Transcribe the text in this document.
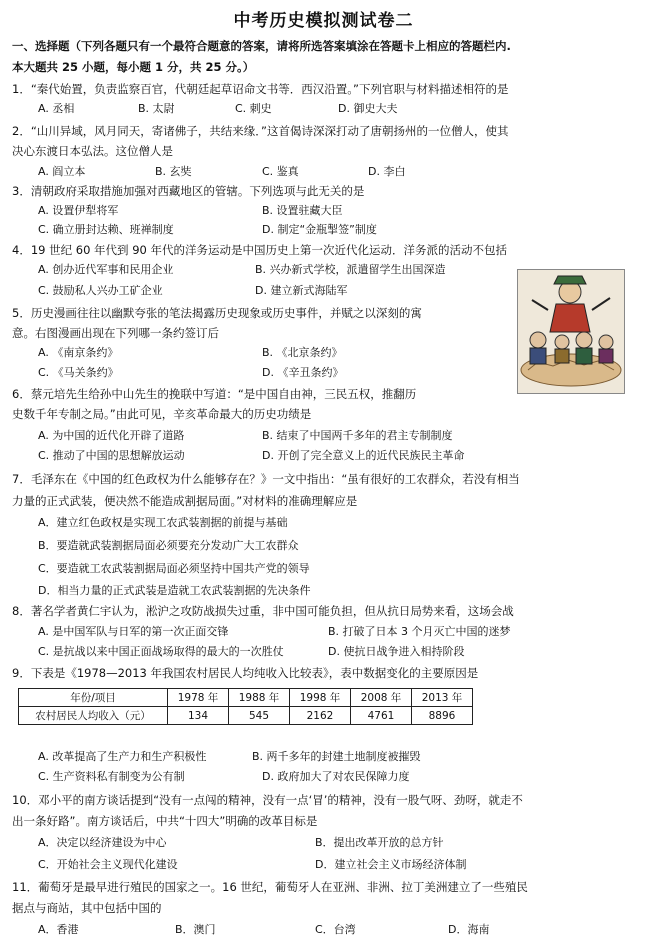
中考历史模拟测试卷二
一、选择题（下列各题只有一个最符合题意的答案，请将所选答案填涂在答题卡上相应的答题栏内.
本大题共 25 小题，每小题 1 分，共 25 分。）
1．“秦代始置，负责监察百官，代朝廷起草诏命文书等．西汉沿置。”下列官职与材料描述相符的是
A. 丞相	B. 太尉	C. 刺史	D. 御史大夫
2．“山川异域，风月同天，寄诸佛子，共结来缘．”这首偈诗深深打动了唐朝扬州的一位僧人，使其
决心东渡日本弘法。这位僧人是
A. 阎立本	B. 玄奘	C. 鉴真	D. 李白
3．清朝政府采取措施加强对西藏地区的管辖。下列选项与此无关的是
A. 设置伊犁将军	B. 设置驻藏大臣
C. 确立册封达赖、班禅制度	D. 制定“金瓶掣签”制度
4．19 世纪 60 年代到 90 年代的洋务运动是中国历史上第一次近代化运动．洋务派的活动不包括
A. 创办近代军事和民用企业	B. 兴办新式学校，派遣留学生出国深造
C. 鼓励私人兴办工矿企业	D. 建立新式海陆军
5．历史漫画往往以幽默夸张的笔法揭露历史现象或历史事件，并赋之以深刻的寓
意。右图漫画出现在下列哪一条约签订后
A. 《南京条约》	B. 《北京条约》
C. 《马关条约》	D. 《辛丑条约》
6．蔡元培先生给孙中山先生的挽联中写道：“是中国自由神，三民五权，推翻历
史数千年专制之局。”由此可见，辛亥革命最大的历史功绩是
A. 为中国的近代化开辟了道路	B. 结束了中国两千多年的君主专制制度
C. 推动了中国的思想解放运动	D. 开创了完全意义上的近代民族民主革命
7．毛泽东在《中国的红色政权为什么能够存在？》一文中指出：“虽有很好的工农群众，若没有相当
力量的正式武装，便决然不能造成割据局面。”对材料的准确理解应是
A．建立红色政权是实现工农武装割据的前提与基础
B．要造就武装割据局面必须要充分发动广大工农群众
C．要造就工农武装割据局面必须坚持中国共产党的领导
D．相当力量的正式武装是造就工农武装割据的先决条件
8．著名学者黄仁宇认为，淞沪之攻防战损失过重，非中国可能负担，但从抗日局势来看，这场会战
A. 是中国军队与日军的第一次正面交锋	B. 打破了日本 3 个月灭亡中国的迷梦
C. 是抗战以来中国正面战场取得的最大的一次胜仗	D. 使抗日战争进入相持阶段
9．下表是《1978—2013 年我国农村居民人均纯收入比较表》，表中数据变化的主要原因是
年份/项目	1978 年	1988 年	1998 年	2008 年	2013 年
农村居民人均收入（元）	134	545	2162	4761	8896
A. 改革提高了生产力和生产积极性	B. 两千多年的封建土地制度被摧毁
C. 生产资料私有制变为公有制	D. 政府加大了对农民保障力度
10．邓小平的南方谈话提到“没有一点闯的精神，没有一点‘冒’的精神，没有一股气呀、劲呀，就走不
出一条好路”。南方谈话后，中共“十四大”明确的改革目标是
A．决定以经济建设为中心	B．提出改革开放的总方针
C．开始社会主义现代化建设	D．建立社会主义市场经济体制
11．葡萄牙是最早进行殖民的国家之一。16 世纪，葡萄牙人在亚洲、非洲、拉丁美洲建立了一些殖民
据点与商站，其中包括中国的
A．香港	B．澳门	C．台湾	D．海南
